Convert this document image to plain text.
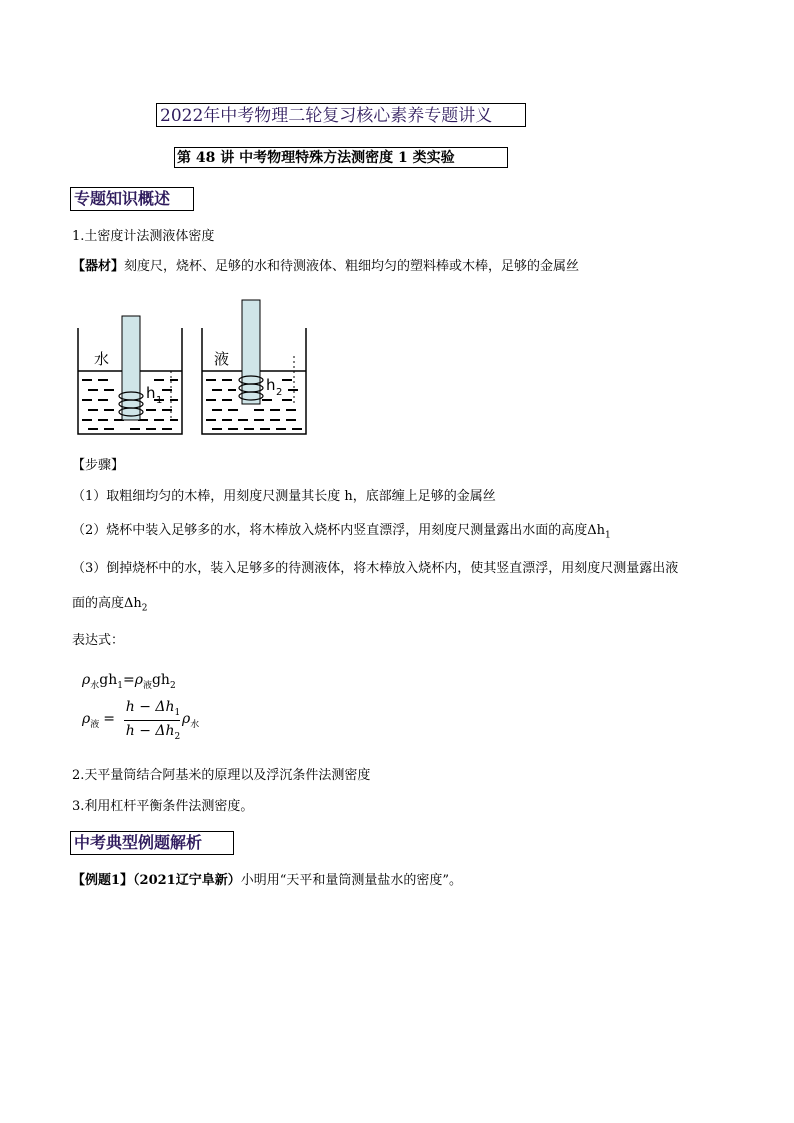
2022年中考物理二轮复习核心素养专题讲义
第 48 讲 中考物理特殊方法测密度 1 类实验
专题知识概述
1.土密度计法测液体密度
【器材】刻度尺，烧杯、足够的水和待测液体、粗细均匀的塑料棒或木棒，足够的金属丝
水
h 1
液
h 2
【步骤】
（1）取粗细均匀的木棒，用刻度尺测量其长度 h，底部缠上足够的金属丝
（2）烧杯中装入足够多的水，将木棒放入烧杯内竖直漂浮，用刻度尺测量露出水面的高度$\Delta h_1$
（3）倒掉烧杯中的水，装入足够多的待测液体，将木棒放入烧杯内，使其竖直漂浮，用刻度尺测量露出液
面的高度$\Delta h_2$
表达式：
$\rho_水gh_1=\rho_液gh_2$
$\rho_液$ =
$h - \Delta h_1$
$h - \Delta h_2$
$\rho_水$
2.天平量筒结合阿基米的原理以及浮沉条件法测密度
3.利用杠杆平衡条件法测密度。
中考典型例题解析
【例题1】（2021辽宁阜新）小明用“天平和量筒测量盐水的密度”。
